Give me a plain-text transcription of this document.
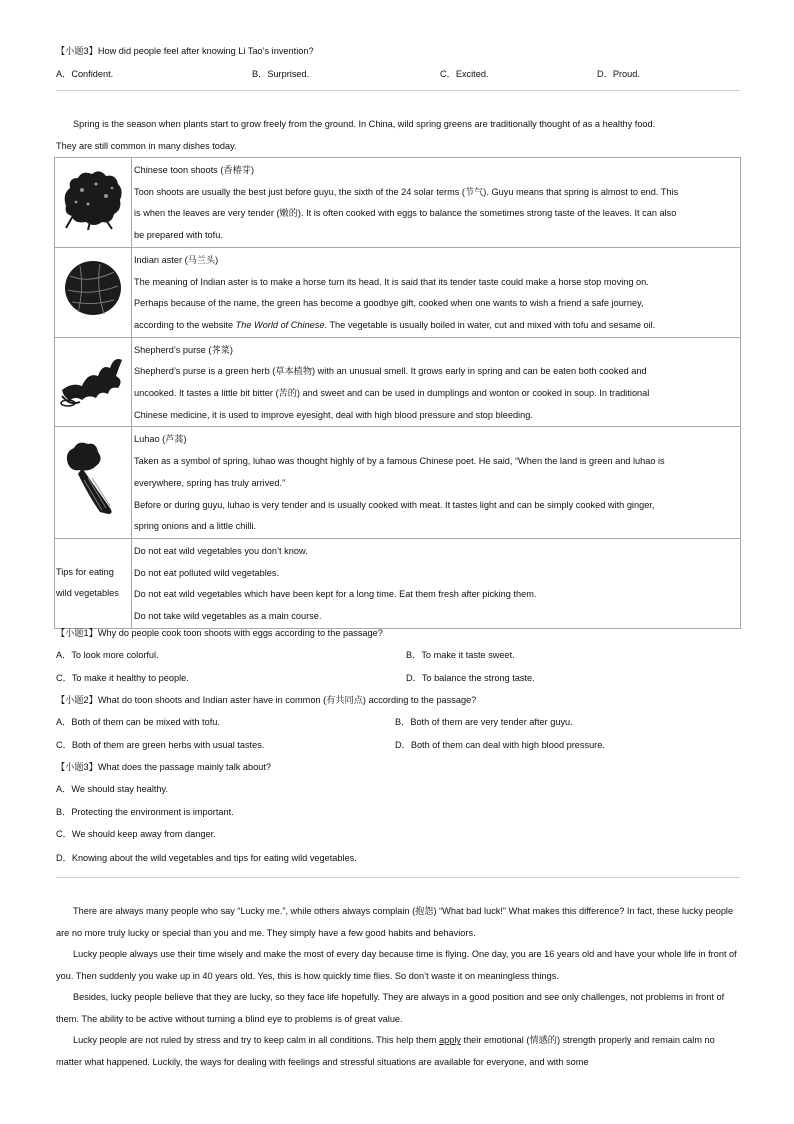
【小题3】How did people feel after knowing Li Tao’s invention?
A．Confident.	B．Surprised.	C．Excited.	D．Proud.
Spring is the season when plants start to grow freely from the ground. In China, wild spring greens are traditionally thought of as a healthy food.
They are still common in many dishes today.

Chinese toon shoots (香椿芽)
Toon shoots are usually the best just before guyu, the sixth of the 24 solar terms (节气). Guyu means that spring is almost to end. This
is when the leaves are very tender (嫩的). It is often cooked with eggs to balance the sometimes strong taste of the leaves. It can also
be prepared with tofu.

Indian aster (马兰头)
The meaning of Indian aster is to make a horse turn its head. It is said that its tender taste could make a horse stop moving on.
Perhaps because of the name, the green has become a goodbye gift, cooked when one wants to wish a friend a safe journey,
according to the website The World of Chinese. The vegetable is usually boiled in water, cut and mixed with tofu and sesame oil.

Shepherd’s purse (荠菜)
Shepherd’s purse is a green herb (草本植物) with an unusual smell. It grows early in spring and can be eaten both cooked and
uncooked. It tastes a little bit bitter (苦的) and sweet and can be used in dumplings and wonton or cooked in soup. In traditional
Chinese medicine, it is used to improve eyesight, deal with high blood pressure and stop bleeding.

Luhao (芦蒿)
Taken as a symbol of spring, luhao was thought highly of by a famous Chinese poet. He said, “When the land is green and luhao is
everywhere, spring has truly arrived.”
Before or during guyu, luhao is very tender and is usually cooked with meat. It tastes light and can be simply cooked with ginger,
spring onions and a little chilli.

Tips for eating
wild vegetables	Do not eat wild vegetables you don’t know.
Do not eat polluted wild vegetables.
Do not eat wild vegetables which have been kept for a long time. Eat them fresh after picking them.
Do not take wild vegetables as a main course.
【小题1】Why do people cook toon shoots with eggs according to the passage?
A．To look more colorful.	B．To make it taste sweet.
C．To make it healthy to people.	D．To balance the strong taste.
【小题2】What do toon shoots and Indian aster have in common (有共同点) according to the passage?
A．Both of them can be mixed with tofu.	B．Both of them are very tender after guyu.
C．Both of them are green herbs with usual tastes.	D．Both of them can deal with high blood pressure.
【小题3】What does the passage mainly talk about?
A．We should stay healthy.
B．Protecting the environment is important.
C．We should keep away from danger.
D．Knowing about the wild vegetables and tips for eating wild vegetables.

There are always many people who say “Lucky me.”, while others always complain (抱怨) “What bad luck!” What makes this difference? In fact, these lucky people are no more truly lucky or special than you and me. They simply have a few good habits and behaviors.

Lucky people always use their time wisely and make the most of every day because time is flying. One day, you are 16 years old and have your whole life in front of you. Then suddenly you wake up in 40 years old. Yes, this is how quickly time flies. So don’t waste it on meaningless things.

Besides, lucky people believe that they are lucky, so they face life hopefully. They are always in a good position and see only challenges, not problems in front of them. The ability to be active without turning a blind eye to problems is of great value.

Lucky people are not ruled by stress and try to keep calm in all conditions. This help them apply their emotional (情感的) strength properly and remain calm no matter what happened. Luckily, the ways for dealing with feelings and stressful situations are available for everyone, and with some
